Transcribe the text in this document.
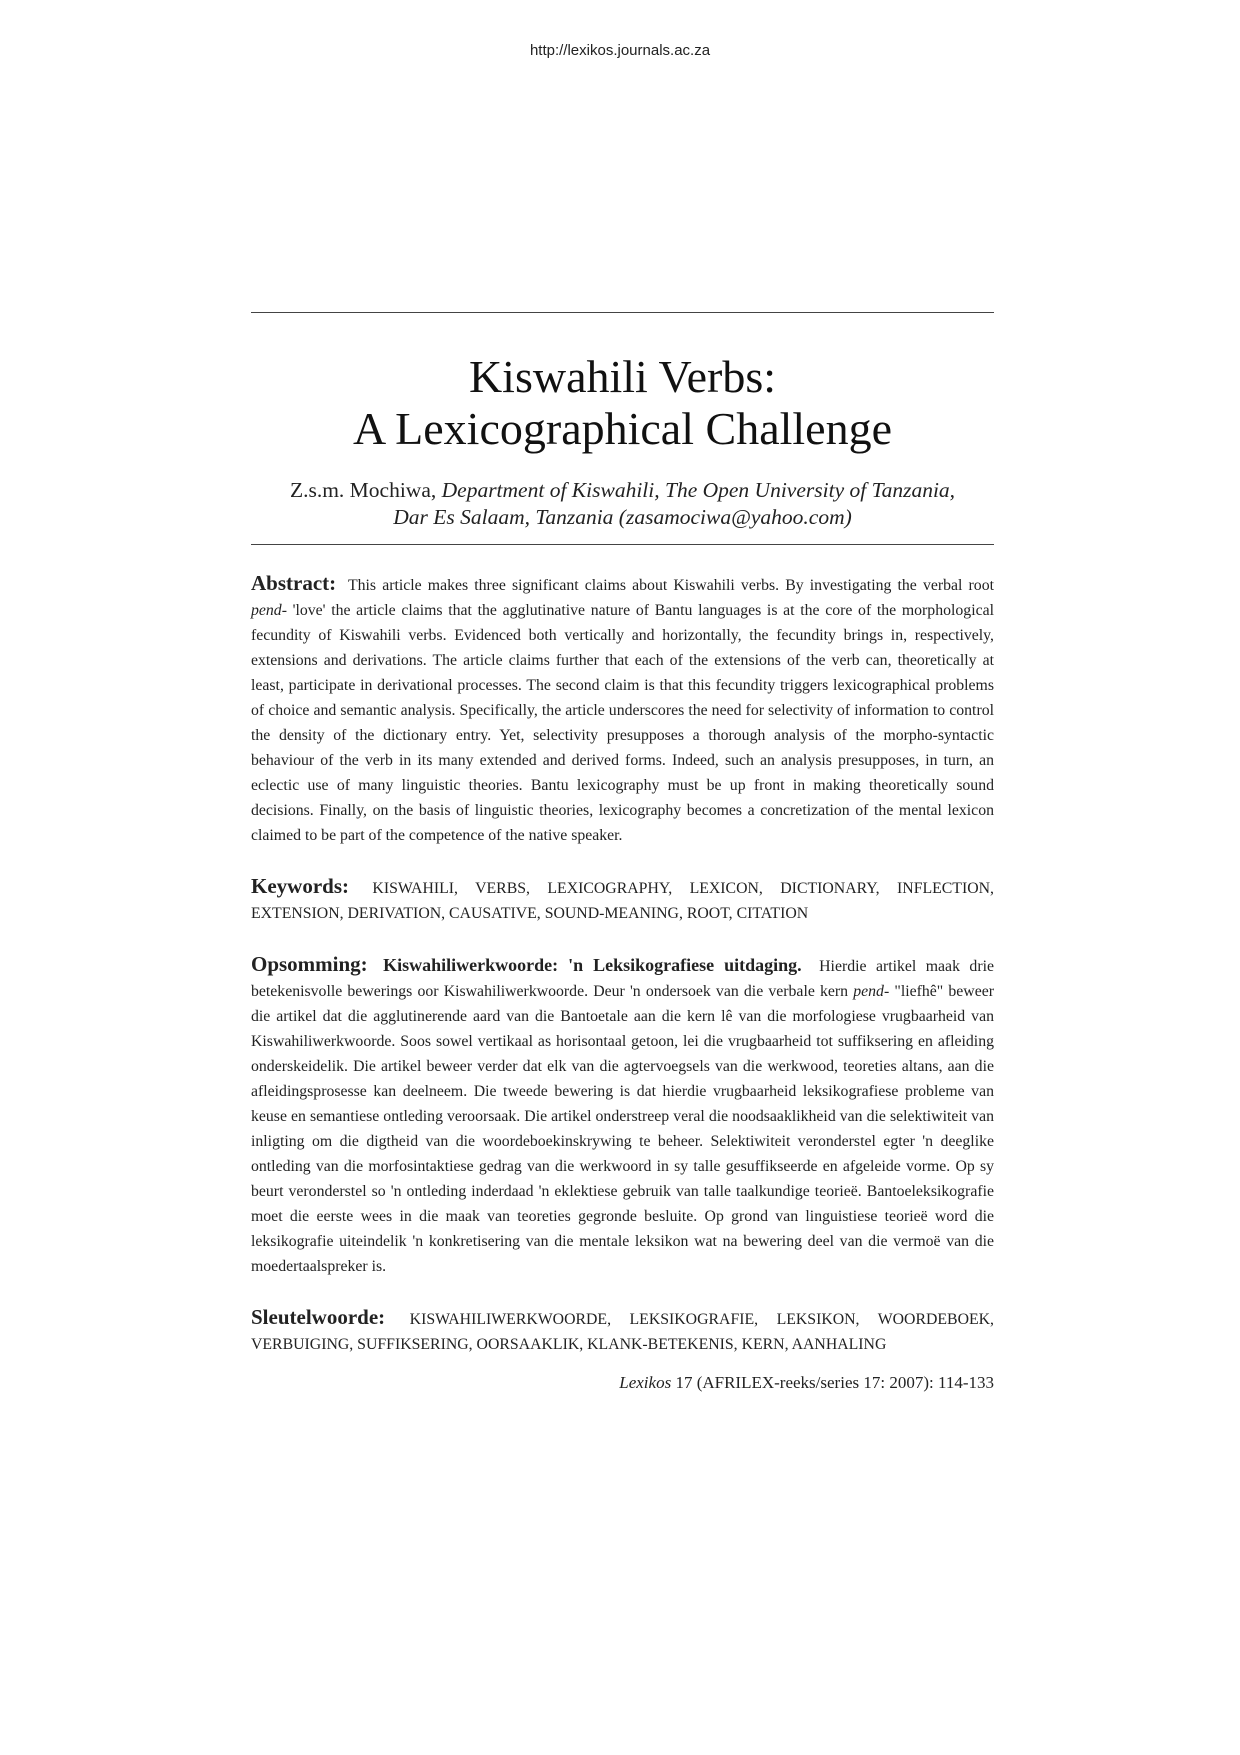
http://lexikos.journals.ac.za
Kiswahili Verbs:
A Lexicographical Challenge
Z.s.m. Mochiwa, Department of Kiswahili, The Open University of Tanzania,
Dar Es Salaam, Tanzania (zasamociwa@yahoo.com)

Abstract: This article makes three significant claims about Kiswahili verbs. By investigating the verbal root pend- 'love' the article claims that the agglutinative nature of Bantu languages is at the core of the morphological fecundity of Kiswahili verbs. Evidenced both vertically and horizontally, the fecundity brings in, respectively, extensions and derivations. The article claims further that each of the extensions of the verb can, theoretically at least, participate in derivational processes. The second claim is that this fecundity triggers lexicographical problems of choice and semantic analysis. Specifically, the article underscores the need for selectivity of information to control the density of the dictionary entry. Yet, selectivity presupposes a thorough analysis of the morpho-syntactic behaviour of the verb in its many extended and derived forms. Indeed, such an analysis presupposes, in turn, an eclectic use of many linguistic theories. Bantu lexicography must be up front in making theoretically sound decisions. Finally, on the basis of linguistic theories, lexicography becomes a concretization of the mental lexicon claimed to be part of the competence of the native speaker.

Keywords: KISWAHILI, VERBS, LEXICOGRAPHY, LEXICON, DICTIONARY, INFLECTION, EXTENSION, DERIVATION, CAUSATIVE, SOUND-MEANING, ROOT, CITATION

Opsomming: Kiswahiliwerkwoorde: 'n Leksikografiese uitdaging. Hierdie artikel maak drie betekenisvolle bewerings oor Kiswahiliwerkwoorde. Deur 'n ondersoek van die verbale kern pend- "liefhê" beweer die artikel dat die agglutinerende aard van die Bantoetale aan die kern lê van die morfologiese vrugbaarheid van Kiswahiliwerkwoorde. Soos sowel vertikaal as horisontaal getoon, lei die vrugbaarheid tot suffiksering en afleiding onderskeidelik. Die artikel beweer verder dat elk van die agtervoegsels van die werkwood, teoreties altans, aan die afleidingsprosesse kan deelneem. Die tweede bewering is dat hierdie vrugbaarheid leksikografiese probleme van keuse en semantiese ontleding veroorsaak. Die artikel onderstreep veral die noodsaaklikheid van die selektiwiteit van inligting om die digtheid van die woordeboekinskrywing te beheer. Selektiwiteit veronderstel egter 'n deeglike ontleding van die morfosintaktiese gedrag van die werkwoord in sy talle gesuffikseerde en afgeleide vorme. Op sy beurt veronderstel so 'n ontleding inderdaad 'n eklektiese gebruik van talle taalkundige teorieë. Bantoeleksikografie moet die eerste wees in die maak van teoreties gegronde besluite. Op grond van linguistiese teorieë word die leksikografie uiteindelik 'n konkretisering van die mentale leksikon wat na bewering deel van die vermoë van die moedertaalspreker is.

Sleutelwoorde: KISWAHILIWERKWOORDE, LEKSIKOGRAFIE, LEKSIKON, WOORDEBOEK, VERBUIGING, SUFFIKSERING, OORSAAKLIK, KLANK-BETEKENIS, KERN, AANHALING

Lexikos 17 (AFRILEX-reeks/series 17: 2007): 114-133
